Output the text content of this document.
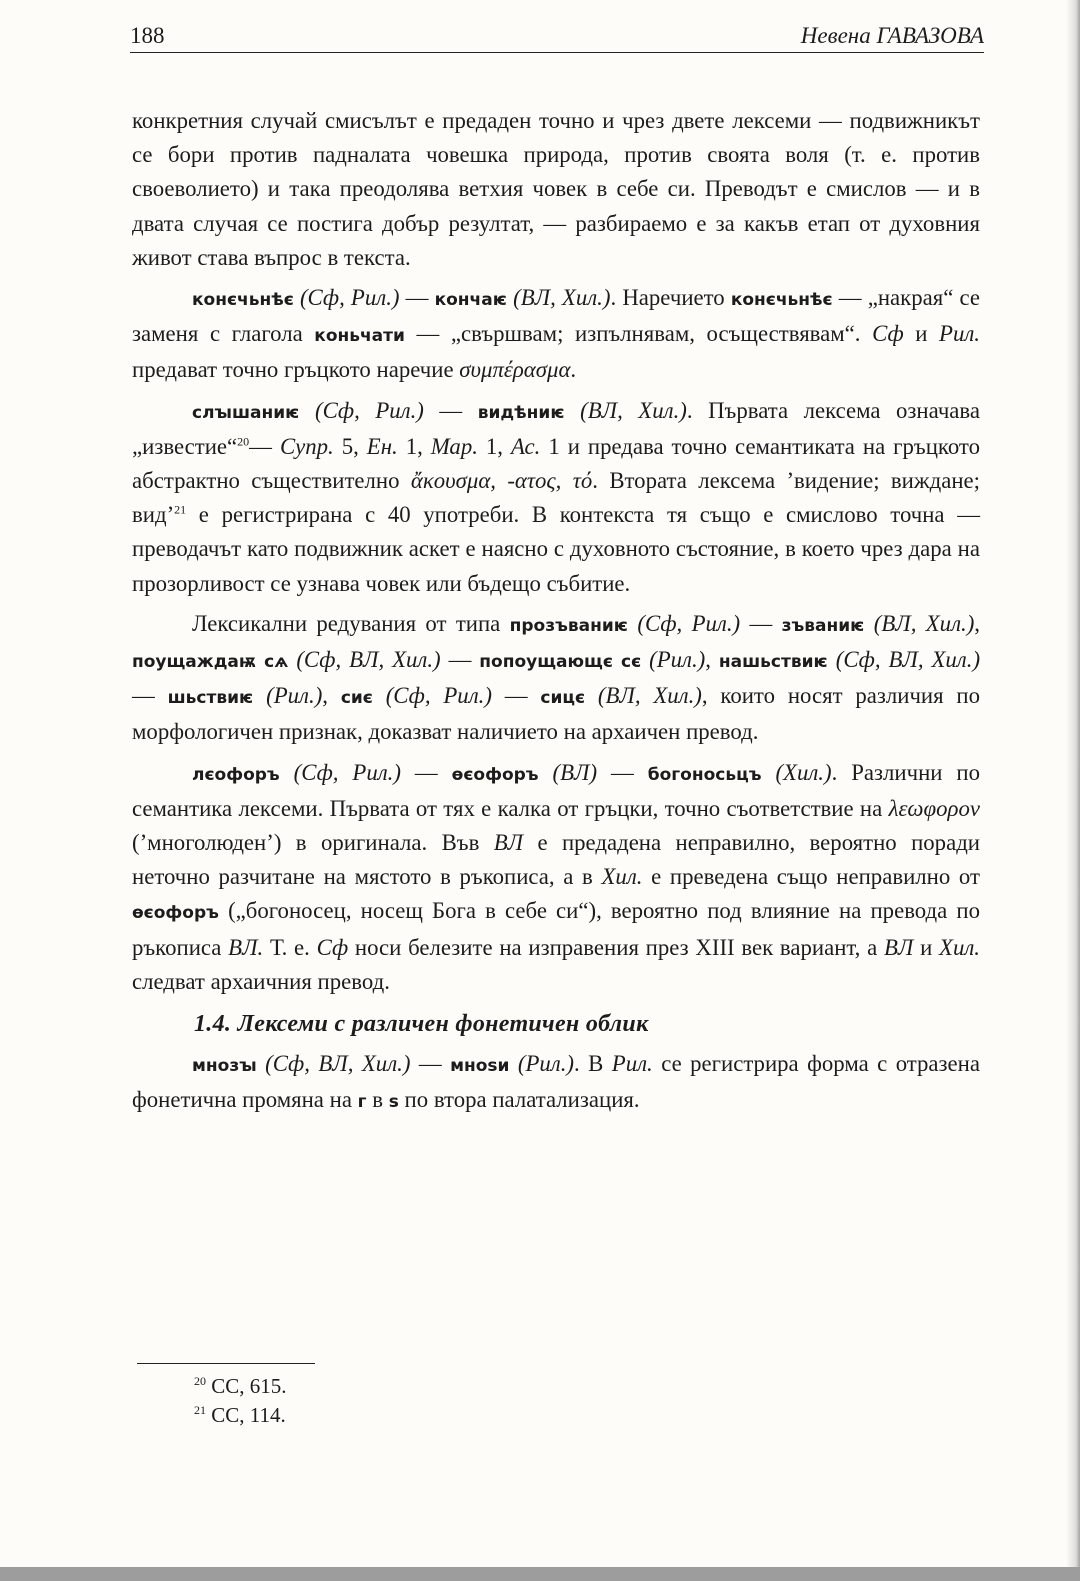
188	Невена ГАВАЗОВА

конкретния случай смисълът е предаден точно и чрез двете лексеми — подвижникът се бори против падналата човешка природа, против своята воля (т. е. против своеволието) и така преодолява ветхия човек в себе си. Преводът е смислов — и в двата случая се постига добър резултат, — разбираемо е за какъв етап от духовния живот става въпрос в текста.

конєчьнѣє (Сф, Рил.) — кончаѥ (ВЛ, Хил.). Наречието конєчьнѣє — „накрая“ се заменя с глагола коньчати — „свършвам; изпълнявам, осъществявам“. Сф и Рил. предават точно гръцкото наречие συμπέρασμα.

слꙑшаниѥ (Сф, Рил.) — видѣниѥ (ВЛ, Хил.). Първата лексема означава „известие“$^{20}$— Супр. 5, Ен. 1, Мар. 1, Ас. 1 и предава точно семантиката на гръцкото абстрактно съществително ἄκουσμα, -ατος, τό. Втората лексема ’видение; виждане; вид’$^{21}$ е регистрирана с 40 употреби. В контекста тя също е смислово точна — преводачът като подвижник аскет е наясно с духовното състояние, в което чрез дара на прозорливост се узнава човек или бъдещо събитие.

Лексикални редувания от типа прозъваниѥ (Сф, Рил.) — зъваниѥ (ВЛ, Хил.), поущаждаѭ сѧ (Сф, ВЛ, Хил.) — попоущающє сє (Рил.), нашьствиѥ (Сф, ВЛ, Хил.) — шьствиѥ (Рил.), сиє (Сф, Рил.) — сицє (ВЛ, Хил.), които носят различия по морфологичен признак, доказват наличието на архаичен превод.

лєофоръ (Сф, Рил.) — ѳєофоръ (ВЛ) — богоносьцъ (Хил.). Различни по семантика лексеми. Първата от тях е калка от гръцки, точно съответствие на λεωφορον (’многолюден’) в оригинала. Във ВЛ е предадена неправилно, вероятно поради неточно разчитане на мястото в ръкописа, а в Хил. е преведена също неправилно от ѳєофоръ („богоносец, носещ Бога в себе си“), вероятно под влияние на превода по ръкописа ВЛ. Т. е. Сф носи белезите на изправения през XIII век вариант, а ВЛ и Хил. следват архаичния превод.

1.4. Лексеми с различен фонетичен облик

мнозꙑ (Сф, ВЛ, Хил.) — мноѕи (Рил.). В Рил. се регистрира форма с отразена фонетична промяна на г в ѕ по втора палатализация.

$^{20}$ СС, 615.
$^{21}$ СС, 114.
